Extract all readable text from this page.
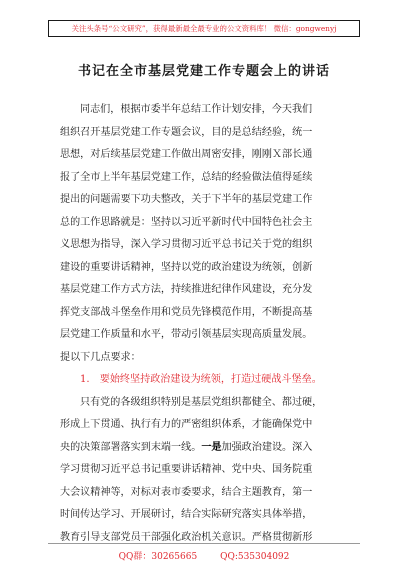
关注头条号“公文研究”，获得最新最全最专业的公文资料库！ 微信：gongwenyj
书记在全市基层党建工作专题会上的讲话
同志们，根据市委半年总结工作计划安排，今天我们
组织召开基层党建工作专题会议，目的是总结经验，统一
思想，对后续基层党建工作做出周密安排，刚刚Ｘ部长通
报了全市上半年基层党建工作，总结的经验做法值得延续
提出的问题需要下功夫整改，关于下半年的基层党建工作
总的工作思路就是：坚持以习近平新时代中国特色社会主
义思想为指导，深入学习贯彻习近平总书记关于党的组织
建设的重要讲话精神，坚持以党的政治建设为统领，创新
基层党建工作方式方法，持续推进纪律作风建设，充分发
挥党支部战斗堡垒作用和党员先锋模范作用，不断提高基
层党建工作质量和水平，带动引领基层实现高质量发展。
提以下几点要求：
1.　要始终坚持政治建设为统领，打造过硬战斗堡垒。
只有党的各级组织特别是基层党组织都健全、都过硬，
形成上下贯通、执行有力的严密组织体系，才能确保党中
央的决策部署落实到末端一线。一是加强政治建设。深入
学习贯彻习近平总书记重要讲话精神、党中央、国务院重
大会议精神等，对标对表市委要求，结合主题教育，第一
时间传达学习、开展研讨，结合实际研究落实具体举措，
教育引导支部党员干部强化政治机关意识。严格贯彻新形
QQ群：30265665	QQ:535304092
